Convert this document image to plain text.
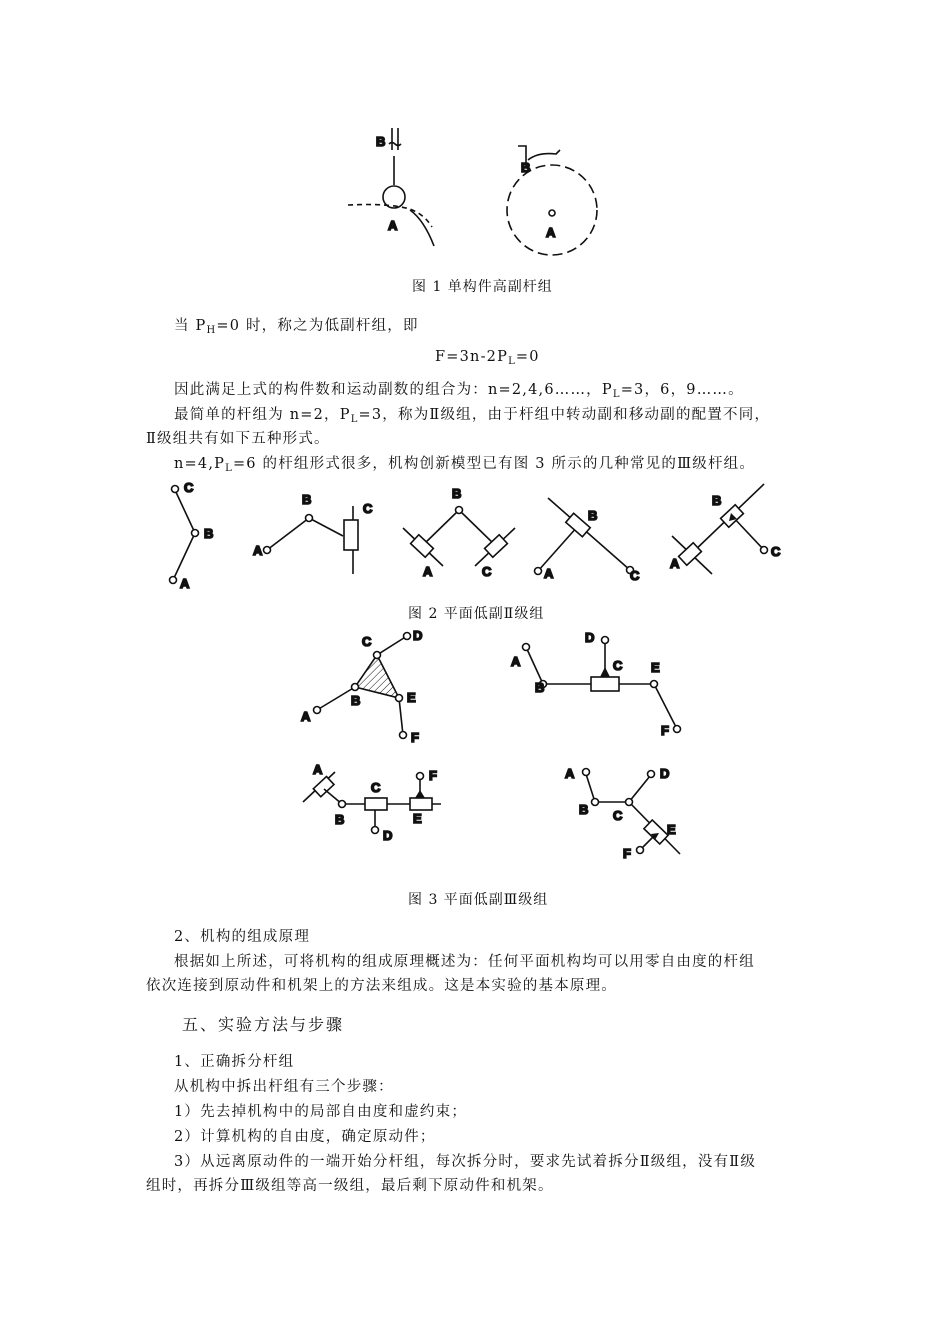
B
A
B
A
图 1 单构件高副杆组
当 $P_H=0$ 时，称之为低副杆组，即
$F=3n-2P_L=0$
因此满足上式的构件数和运动副数的组合为：n=2,4,6……，$P_L=3$，6，9……。
最简单的杆组为 n=2，$P_L=3$，称为Ⅱ级组，由于杆组中转动副和移动副的配置不同，
Ⅱ级组共有如下五种形式。
$n=4,P_L=6$ 的杆组形式很多，机构创新模型已有图 3 所示的几种常见的Ⅲ级杆组。
C
B
A
A
B
C
B
A	C
B
A	C
B
A
C
图 2 平面低副Ⅱ级组
C	D
B
A
E
F
D
A	C E
B
F
A
C
F
B	E
D
A	D
B C
E
F
图 3 平面低副Ⅲ级组
2、机构的组成原理
根据如上所述，可将机构的组成原理概述为：任何平面机构均可以用零自由度的杆组
依次连接到原动件和机架上的方法来组成。这是本实验的基本原理。
五、实验方法与步骤
1、正确拆分杆组
从机构中拆出杆组有三个步骤：
1）先去掉机构中的局部自由度和虚约束；
2）计算机构的自由度，确定原动件；
3）从远离原动件的一端开始分杆组，每次拆分时，要求先试着拆分Ⅱ级组，没有Ⅱ级
组时，再拆分Ⅲ级组等高一级组，最后剩下原动件和机架。
